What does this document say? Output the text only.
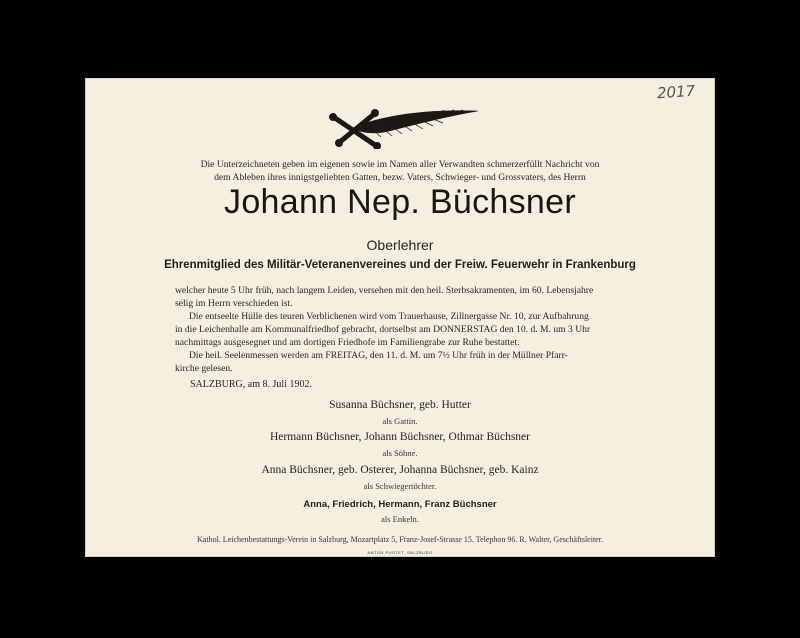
2017
Die Unterzeichneten geben im eigenen sowie im Namen aller Verwandten schmerzerfüllt Nachricht von
dem Ableben ihres innigstgeliebten Gatten, bezw. Vaters, Schwieger- und Grossvaters, des Herrn
Johann Nep. Büchsner
Oberlehrer
Ehrenmitglied des Militär-Veteranenvereines und der Freiw. Feuerwehr in Frankenburg
welcher heute 5 Uhr früh, nach langem Leiden, versehen mit den heil. Sterbsakramenten, im 60. Lebensjahre
selig im Herrn verschieden ist.
Die entseelte Hülle des teuren Verblichenen wird vom Trauerhause, Zillnergasse Nr. 10, zur Aufbahrung
in die Leichenhalle am Kommunalfriedhof gebracht, dortselbst am DONNERSTAG den 10. d. M. um 3 Uhr
nachmittags ausgesegnet und am dortigen Friedhofe im Familiengrabe zur Ruhe bestattet.
Die heil. Seelenmessen werden am FREITAG, den 11. d. M. um 7½ Uhr früh in der Müllner Pfarr-
kirche gelesen.
SALZBURG, am 8. Juli 1902.
Susanna Büchsner, geb. Hutter
als Gattin.
Hermann Büchsner, Johann Büchsner, Othmar Büchsner
als Söhne.
Anna Büchsner, geb. Osterer, Johanna Büchsner, geb. Kainz
als Schwiegertöchter.
Anna, Friedrich, Hermann, Franz Büchsner
als Enkeln.
Kathol. Leichenbestattungs-Verein in Salzburg, Mozartplatz 5, Franz-Josef-Strasse 15. Telephon 96. R. Walter, Geschäftsleiter.
ANTON PUSTET, SALZBURG
